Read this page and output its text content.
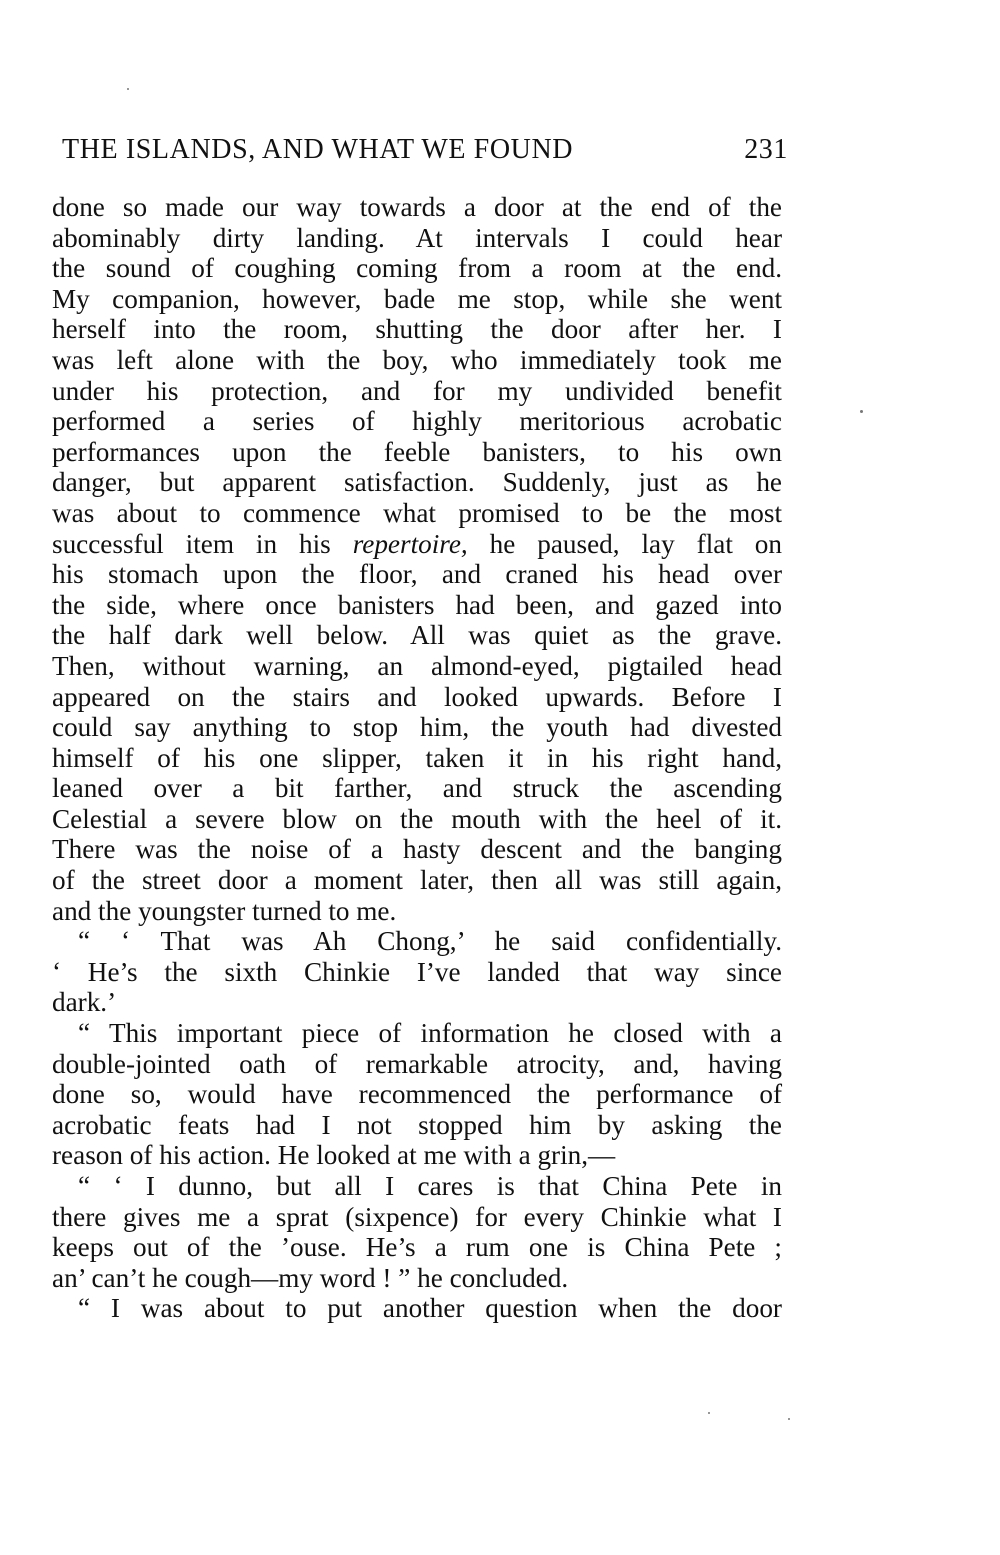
THE ISLANDS, AND WHAT WE FOUND	231
done so made our way towards a door at the end of the
abominably dirty landing. At intervals I could hear
the sound of coughing coming from a room at the end.
My companion, however, bade me stop, while she went
herself into the room, shutting the door after her. I
was left alone with the boy, who immediately took me
under his protection, and for my undivided benefit
performed a series of highly meritorious acrobatic
performances upon the feeble banisters, to his own
danger, but apparent satisfaction. Suddenly, just as he
was about to commence what promised to be the most
successful item in his repertoire, he paused, lay flat on
his stomach upon the floor, and craned his head over
the side, where once banisters had been, and gazed into
the half dark well below. All was quiet as the grave.
Then, without warning, an almond-eyed, pigtailed head
appeared on the stairs and looked upwards. Before I
could say anything to stop him, the youth had divested
himself of his one slipper, taken it in his right hand,
leaned over a bit farther, and struck the ascending
Celestial a severe blow on the mouth with the heel of it.
There was the noise of a hasty descent and the banging
of the street door a moment later, then all was still again,
and the youngster turned to me.
“ ‘ That was Ah Chong,’ he said confidentially.
‘ He’s the sixth Chinkie I’ve landed that way since
dark.’
“ This important piece of information he closed with a
double-jointed oath of remarkable atrocity, and, having
done so, would have recommenced the performance of
acrobatic feats had I not stopped him by asking the
reason of his action. He looked at me with a grin,—
“ ‘ I dunno, but all I cares is that China Pete in
there gives me a sprat (sixpence) for every Chinkie what I
keeps out of the ’ouse. He’s a rum one is China Pete ;
an’ can’t he cough—my word ! ” he concluded.
“ I was about to put another question when the door
